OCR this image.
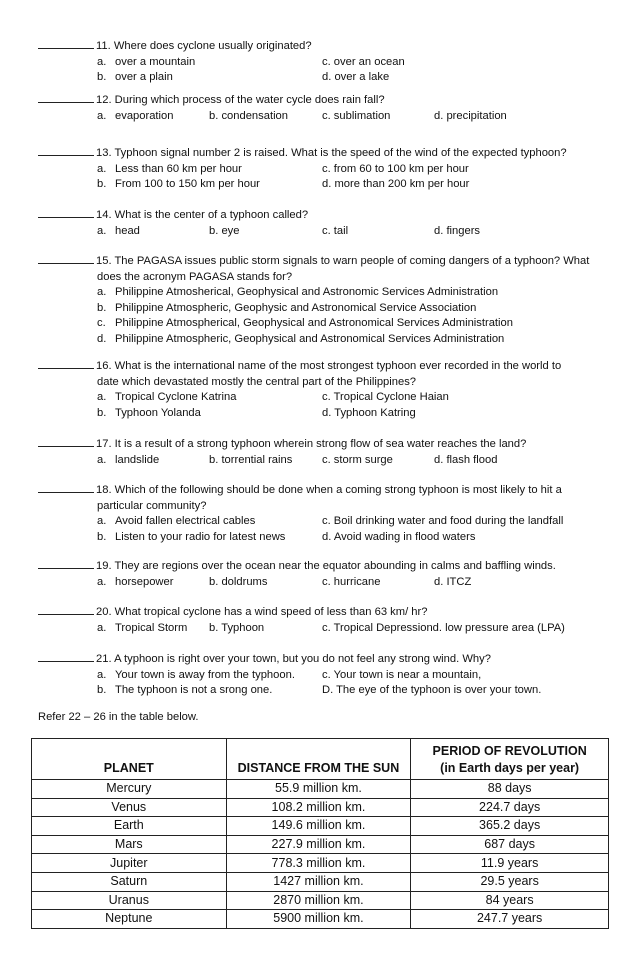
11. Where does cyclone usually originated?
a. over a mountain	c. over an ocean
b. over a plain	d. over a lake
12. During which process of the water cycle does rain fall?
a. evaporation	b. condensation	c. sublimation	d. precipitation
13. Typhoon signal number 2 is raised. What is the speed of the wind of the expected typhoon?
a. Less than 60 km per hour	c. from 60 to 100 km per hour
b. From 100 to 150 km per hour	d. more than 200 km per hour
14. What is the center of a typhoon called?
a. head	b. eye	c. tail	d. fingers
15. The PAGASA issues public storm signals to warn people of coming dangers of a typhoon? What
does the acronym PAGASA stands for?
a. Philippine Atmosherical, Geophysical and Astronomic Services Administration
b. Philippine Atmospheric, Geophysic and Astronomical Service Association
c. Philippine Atmospherical, Geophysical and Astronomical Services Administration
d. Philippine Atmospheric, Geophysical and Astronomical Services Administration
16. What is the international name of the most strongest typhoon ever recorded in the world to
date which devastated mostly the central part of the Philippines?
a. Tropical Cyclone Katrina	c. Tropical Cyclone Haian
b. Typhoon Yolanda	d. Typhoon Katring
17. It is a result of a strong typhoon wherein strong flow of sea water reaches the land?
a. landslide	b. torrential rains	c. storm surge	d. flash flood
18. Which of the following should be done when a coming strong typhoon is most likely to hit a
particular community?
a. Avoid fallen electrical cables	c. Boil drinking water and food during the landfall
b. Listen to your radio for latest news	d. Avoid wading in flood waters
19. They are regions over the ocean near the equator abounding in calms and baffling winds.
a. horsepower	b. doldrums	c. hurricane	d. ITCZ
20. What tropical cyclone has a wind speed of less than 63 km/ hr?
a. Tropical Storm b. Typhoon	c. Tropical Depressiond. low pressure area (LPA)
21. A typhoon is right over your town, but you do not feel any strong wind. Why?
a. Your town is away from the typhoon. c. Your town is near a mountain,
b. The typhoon is not a srong one.	D. The eye of the typhoon is over your town.
Refer 22 – 26 in the table below.
PLANET	DISTANCE FROM THE SUN	PERIOD OF REVOLUTION
(in Earth days per year)

Mercury	55.9 million km.	88 days
Venus	108.2 million km.	224.7 days
Earth	149.6 million km.	365.2 days
Mars	227.9 million km.	687 days
Jupiter	778.3 million km.	11.9 years
Saturn	1427 million km.	29.5 years
Uranus	2870 million km.	84 years
Neptune	5900 million km.	247.7 years
